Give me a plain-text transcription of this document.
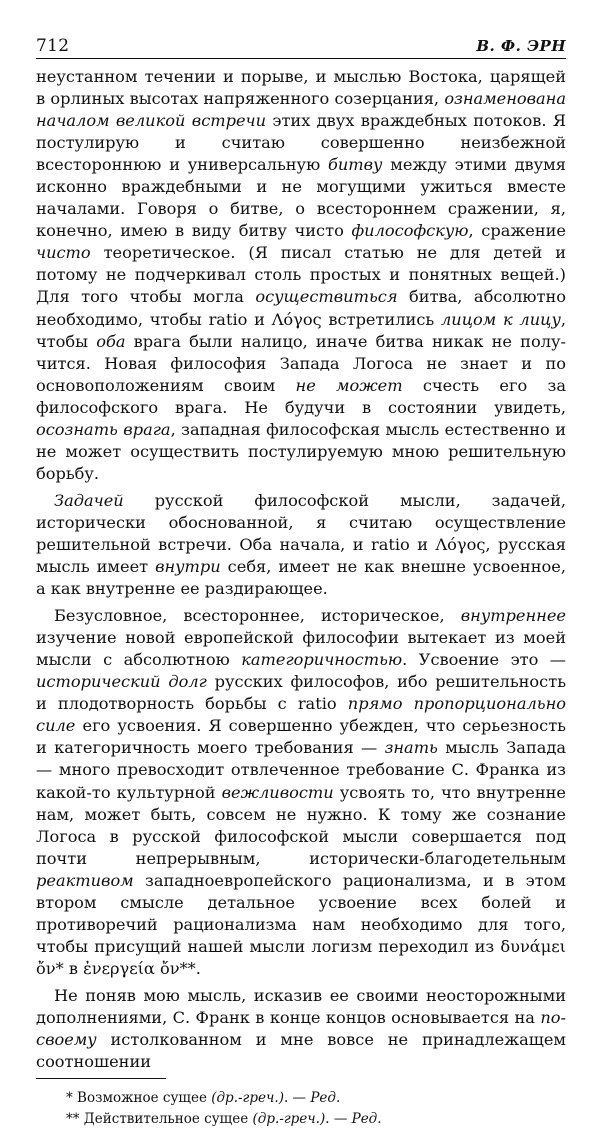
712	В. Ф. ЭРН

неустанном течении и порыве, и мыслью Востока, царящей в орлиных высотах напряженного созерцания, ознаменована началом великой встречи этих двух враждебных потоков. Я постулирую и считаю совершенно неизбежной всестороннюю и универсальную битву между этими двумя исконно враждебными и не могущими ужиться вместе началами. Говоря о битве, о всестороннем сражении, я, конечно, имею в виду битву чисто философскую, сражение чисто теоретическое. (Я писал статью не для детей и потому не подчеркивал столь простых и понятных вещей.) Для того чтобы могла осуществиться битва, абсолютно необходимо, чтобы ratio и Λόγος встретились лицом к лицу, чтобы оба врага были налицо, иначе битва никак не получится. Новая философия Запада Логоса не знает и по основоположениям своим не может счесть его за философского врага. Не будучи в состоянии увидеть, осознать врага, западная философская мысль естественно и не может осуществить постулируемую мною решительную борьбу.

Задачей русской философской мысли, задачей, исторически обоснованной, я считаю осуществление решительной встречи. Оба начала, и ratio и Λόγος, русская мысль имеет внутри себя, имеет не как внешне усвоенное, а как внутренне ее раздирающее.

Безусловное, всестороннее, историческое, внутреннее изучение новой европейской философии вытекает из моей мысли с абсолютною категоричностью. Усвоение это — исторический долг русских философов, ибо решительность и плодотворность борьбы с ratio прямо пропорционально силе его усвоения. Я совершенно убежден, что серьезность и категоричность моего требования — знать мысль Запада — много превосходит отвлеченное требование С. Франка из какой-то культурной вежливости усвоять то, что внутренне нам, может быть, совсем не нужно. К тому же сознание Логоса в русской философской мысли совершается под почти непрерывным, исторически-благодетельным реактивом западноевропейского рационализма, и в этом втором смысле детальное усвоение всех болей и противоречий рационализма нам необходимо для того, чтобы присущий нашей мысли логизм переходил из δυνάμει ὄν* в ἐνεργεία ὄν**.

Не поняв мою мысль, исказив ее своими неосторожными дополнениями, С. Франк в конце концов основывается на по-своему истолкованном и мне вовсе не принадлежащем соотношении

* Возможное сущее (др.-греч.). — Ред.
** Действительное сущее (др.-греч.). — Ред.
